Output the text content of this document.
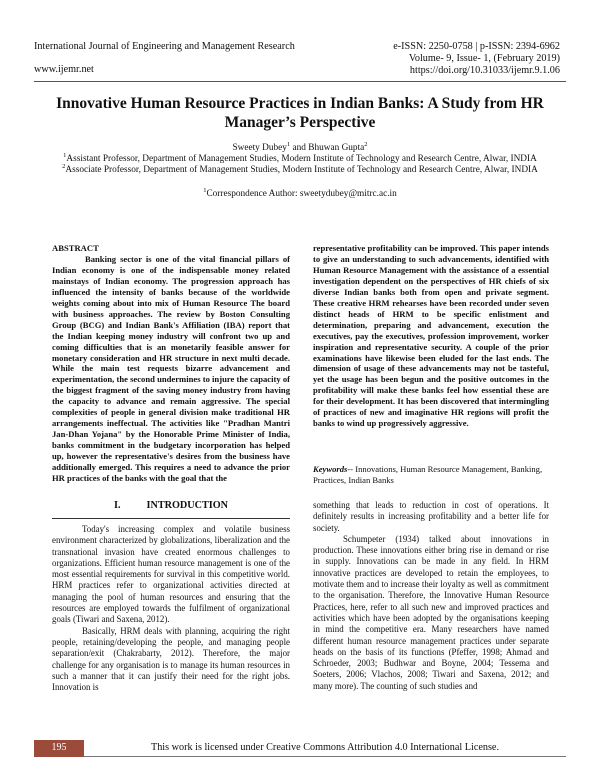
International Journal of Engineering and Management Research
www.ijemr.net
e-ISSN: 2250-0758 | p-ISSN: 2394-6962
Volume- 9, Issue- 1, (February 2019)
https://doi.org/10.31033/ijemr.9.1.06
Innovative Human Resource Practices in Indian Banks: A Study from HR Manager’s Perspective

Sweety Dubey$^1$ and Bhuwan Gupta$^2$

$^1$Assistant Professor, Department of Management Studies, Modern Institute of Technology and Research Centre, Alwar, INDIA

$^2$Associate Professor, Department of Management Studies, Modern Institute of Technology and Research Centre, Alwar, INDIA

$^1$Correspondence Author: sweetydubey@mitrc.ac.in

ABSTRACT
Banking sector is one of the vital financial pillars of Indian economy is one of the indispensable money related mainstays of Indian economy. The progression approach has influenced the intensity of banks because of the worldwide weights coming about into mix of Human Resource The board with business approaches. The review by Boston Consulting Group (BCG) and Indian Bank's Affiliation (IBA) report that the Indian keeping money industry will confront two up and coming difficulties that is an monetarily feasible answer for monetary consideration and HR structure in next multi decade. While the main test requests bizarre advancement and experimentation, the second undermines to injure the capacity of the biggest fragment of the saving money industry from having the capacity to advance and remain aggressive. The special complexities of people in general division make traditional HR arrangements ineffectual. The activities like "Pradhan Mantri Jan-Dhan Yojana" by the Honorable Prime Minister of India, banks commitment in the budgetary incorporation has helped up, however the representative's desires from the business have additionally emerged. This requires a need to advance the prior HR practices of the banks with the goal that the
representative profitability can be improved. This paper intends to give an understanding to such advancements, identified with Human Resource Management with the assistance of a essential investigation dependent on the perspectives of HR chiefs of six diverse Indian banks both from open and private segment. These creative HRM rehearses have been recorded under seven distinct heads of HRM to be specific enlistment and determination, preparing and advancement, execution the executives, pay the executives, profession improvement, worker inspiration and representative security. A couple of the prior examinations have likewise been eluded for the last ends. The dimension of usage of these advancements may not be tasteful, yet the usage has been begun and the positive outcomes in the profitability will make these banks feel how essential these are for their development. It has been discovered that intermingling of practices of new and imaginative HR regions will profit the banks to wind up progressively aggressive.
Keywords-- Innovations, Human Resource Management, Banking, Practices, Indian Banks
I.	INTRODUCTION

Today's increasing complex and volatile business environment characterized by globalizations, liberalization and the transnational invasion have created enormous challenges to organizations. Efficient human resource management is one of the most essential requirements for survival in this competitive world. HRM practices refer to organizational activities directed at managing the pool of human resources and ensuring that the resources are employed towards the fulfilment of organizational goals (Tiwari and Saxena, 2012).

Basically, HRM deals with planning, acquiring the right people, retaining/developing the people, and managing people separation/exit (Chakrabarty, 2012). Therefore, the major challenge for any organisation is to manage its human resources in such a manner that it can justify their need for the right jobs. Innovation is

something that leads to reduction in cost of operations. It definitely results in increasing profitability and a better life for society.

Schumpeter (1934) talked about innovations in production. These innovations either bring rise in demand or rise in supply. Innovations can be made in any field. In HRM innovative practices are developed to retain the employees, to motivate them and to increase their loyalty as well as commitment to the organisation. Therefore, the Innovative Human Resource Practices, here, refer to all such new and improved practices and activities which have been adopted by the organisations keeping in mind the competitive era. Many researchers have named different human resource management practices under separate heads on the basis of its functions (Pfeffer, 1998; Ahmad and Schroeder, 2003; Budhwar and Boyne, 2004; Tessema and Soeters, 2006; Vlachos, 2008; Tiwari and Saxena, 2012; and many more). The counting of such studies and

195	This work is licensed under Creative Commons Attribution 4.0 International License.
